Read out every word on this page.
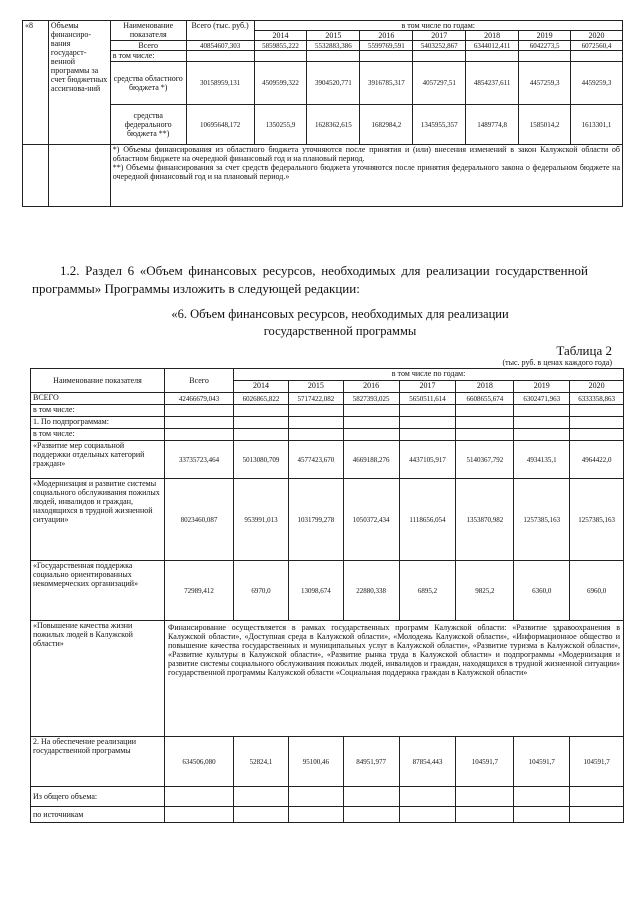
«8	Объемы финансиро-вания государст-венной программы за счет бюджетных ассигнова-ний	Наименование показателя	Всего (тыс. руб.)	в том числе по годам:						
				2014	2015	2016	2017	2018	2019	2020
		Всего	40854607,303	5859855,222	5532883,386	5599769,591	5403252,867	6344012,411	6042273,5	6072560,4
		в том числе:								
		средства областного бюджета *)	30158959,131	4509599,322	3904520,771	3916785,317	4057297,51	4854237,611	4457259,3	4459259,3
		средства федерального бюджета **)	10695648,172	1350255,9	1628362,615	1682984,2	1345955,357	1489774,8	1585014,2	1613301,1

		*) Объемы финансирования из областного бюджета уточняются после принятия и (или) внесения изменений в закон Калужской области об областном бюджете на очередной финансовый год и на плановый период.
**) Объемы финансирования за счет средств федерального бюджета уточняются после принятия федерального закона о федеральном бюджете на очередной финансовый год и на плановый период.»								
1.2. Раздел 6 «Объем финансовых ресурсов, необходимых для реализации государственной программы» Программы изложить в следующей редакции:
«6. Объем финансовых ресурсов, необходимых для реализации государственной программы
Таблица 2
(тыс. руб. в ценах каждого года)
Наименование показателя	Всего	в том числе по годам:						
		2014	2015	2016	2017	2018	2019	2020
ВСЕГО	42466679,043	6026865,822	5717422,082	5827393,025	5650511,614	6608655,674	6302471,963	6333358,863
в том числе:								
1. По подпрограммам:								
в том числе:								
«Развитие мер социальной поддержки отдельных категорий граждан»	33735723,464	5013080,709	4577423,670	4669188,276	4437105,917	5140367,792	4934135,1	4964422,0
«Модернизация и развитие системы социального обслуживания пожилых людей, инвалидов и граждан, находящихся в трудной жизненной ситуации»	8023460,087	953991,013	1031799,278	1050372,434	1118656,054	1353870,982	1257385,163	1257385,163
«Государственная поддержка социально ориентированных некоммерческих организаций»	72989,412	6970,0	13098,674	22880,338	6895,2	9825,2	6360,0	6960,0
«Повышение качества жизни пожилых людей в Калужской области»	Финансирование осуществляется в рамках государственных программ Калужской области: «Развитие здравоохранения в Калужской области», «Доступная среда в Калужской области», «Молодежь Калужской области», «Информационное общество и повышение качества государственных и муниципальных услуг в Калужской области», «Развитие туризма в Калужской области», «Развитие культуры в Калужской области», «Развитие рынка труда в Калужской области» и подпрограммы «Модернизация и развитие системы социального обслуживания пожилых людей, инвалидов и граждан, находящихся в трудной жизненной ситуации» государственной программы Калужской области «Социальная поддержка граждан в Калужской области»							
2. На обеспечение реализации государственной программы	634506,080	52824,1	95100,46	84951,977	87854,443	104591,7	104591,7	104591,7
Из общего объема:								
по источникам								
